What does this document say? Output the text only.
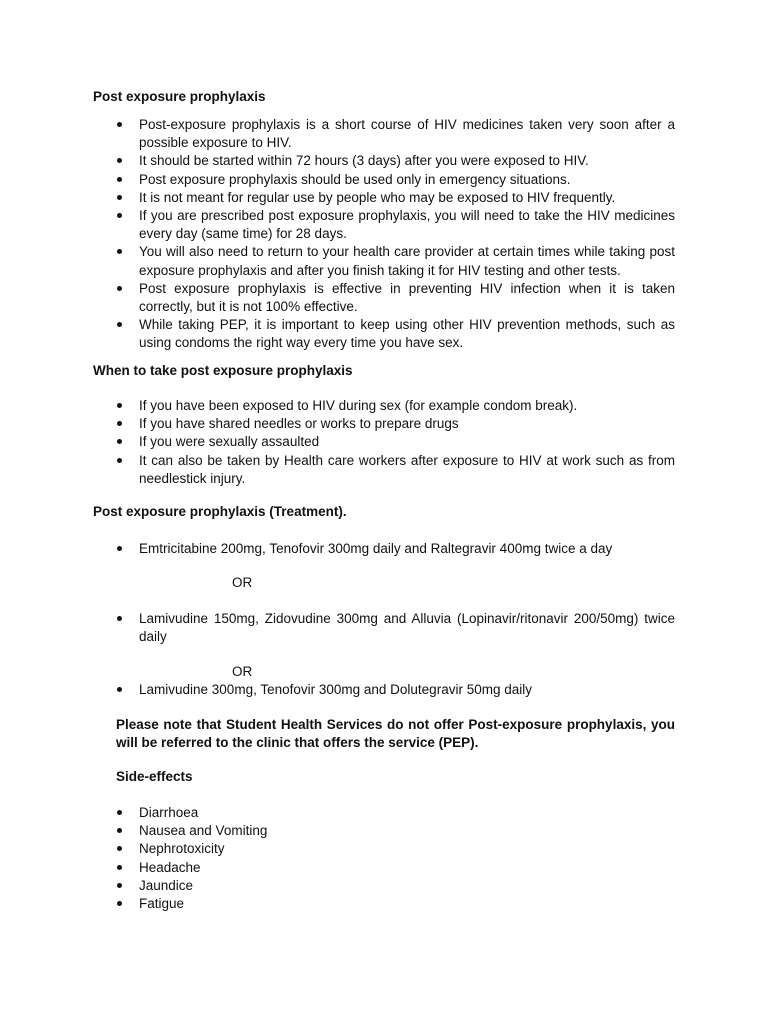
Post exposure prophylaxis
Post-exposure prophylaxis is a short course of HIV medicines taken very soon after a possible exposure to HIV.
It should be started within 72 hours (3 days) after you were exposed to HIV.
Post exposure prophylaxis should be used only in emergency situations.
It is not meant for regular use by people who may be exposed to HIV frequently.
If you are prescribed post exposure prophylaxis, you will need to take the HIV medicines every day (same time) for 28 days.
You will also need to return to your health care provider at certain times while taking post exposure prophylaxis and after you finish taking it for HIV testing and other tests.
Post exposure prophylaxis is effective in preventing HIV infection when it is taken correctly, but it is not 100% effective.
While taking PEP, it is important to keep using other HIV prevention methods, such as using condoms the right way every time you have sex.
When to take post exposure prophylaxis
If you have been exposed to HIV during sex (for example condom break).
If you have shared needles or works to prepare drugs
If you were sexually assaulted
It can also be taken by Health care workers after exposure to HIV at work such as from needlestick injury.
Post exposure prophylaxis (Treatment).
Emtricitabine 200mg, Tenofovir 300mg daily and Raltegravir 400mg twice a day
OR
Lamivudine 150mg, Zidovudine 300mg and Alluvia (Lopinavir/ritonavir 200/50mg) twice daily
OR
Lamivudine 300mg, Tenofovir 300mg and Dolutegravir 50mg daily
Please note that Student Health Services do not offer Post-exposure prophylaxis, you will be referred to the clinic that offers the service (PEP).
Side-effects
Diarrhoea
Nausea and Vomiting
Nephrotoxicity
Headache
Jaundice
Fatigue
